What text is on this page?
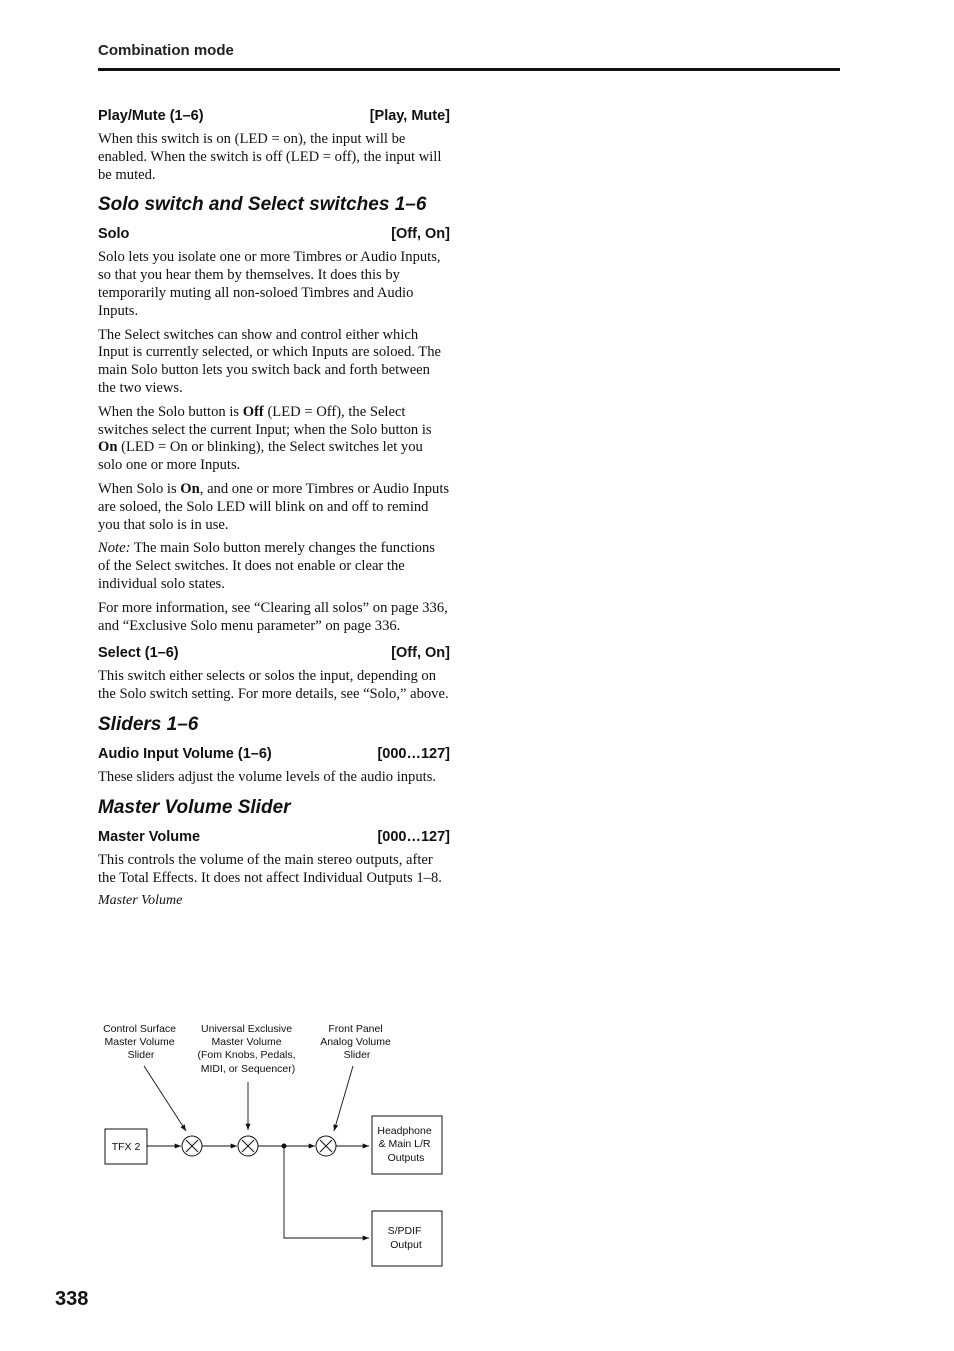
Combination mode
Play/Mute (1–6)	[Play, Mute]

When this switch is on (LED = on), the input will be enabled. When the switch is off (LED = off), the input will be muted.

Solo switch and Select switches 1–6
Solo	[Off, On]

Solo lets you isolate one or more Timbres or Audio Inputs, so that you hear them by themselves. It does this by temporarily muting all non-soloed Timbres and Audio Inputs.

The Select switches can show and control either which Input is currently selected, or which Inputs are soloed. The main Solo button lets you switch back and forth between the two views.

When the Solo button is Off (LED = Off), the Select switches select the current Input; when the Solo button is On (LED = On or blinking), the Select switches let you solo one or more Inputs.

When Solo is On, and one or more Timbres or Audio Inputs are soloed, the Solo LED will blink on and off to remind you that solo is in use.

Note: The main Solo button merely changes the functions of the Select switches. It does not enable or clear the individual solo states.

For more information, see “Clearing all solos” on page 336, and “Exclusive Solo menu parameter” on page 336.

Select (1–6)	[Off, On]

This switch either selects or solos the input, depending on the Solo switch setting. For more details, see “Solo,” above.

Sliders 1–6
Audio Input Volume (1–6)	[000…127]

These sliders adjust the volume levels of the audio inputs.

Master Volume Slider
Master Volume	[000…127]

This controls the volume of the main stereo outputs, after the Total Effects. It does not affect Individual Outputs 1–8.

Master Volume

Control Surface Master Volume Slider
Universal Exclusive Master Volume (Fom Knobs, Pedals, MIDI, or Sequencer)
Front Panel Analog Volume Slider
TFX 2
Headphone & Main L/R Outputs
S/PDIF Output
338
